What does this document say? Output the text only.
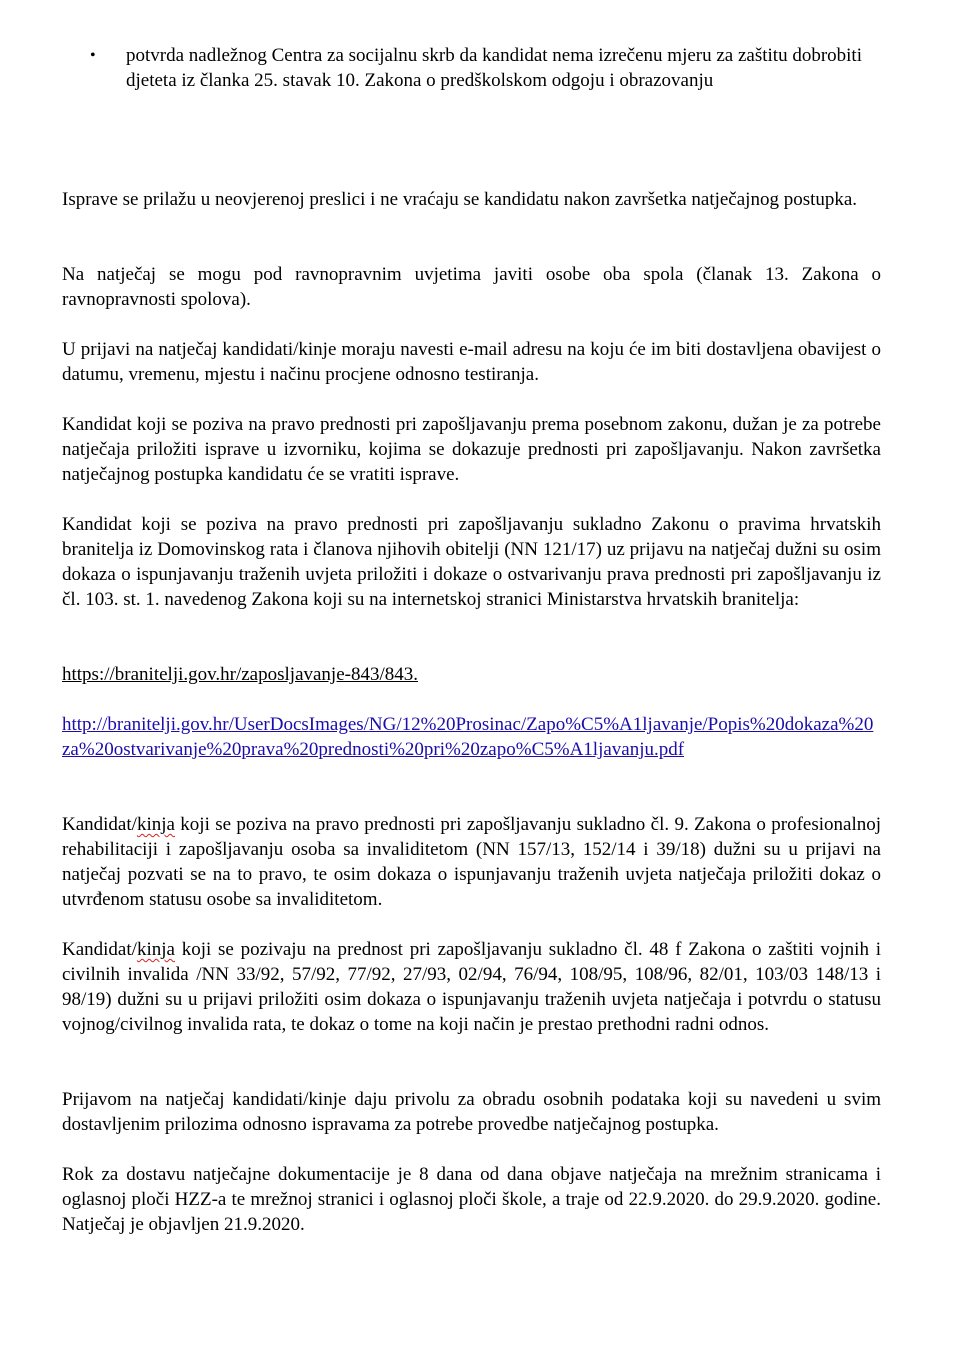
•	potvrda nadležnog Centra za socijalnu skrb da kandidat nema izrečenu mjeru za zaštitu dobrobiti djeteta iz članka 25. stavak 10. Zakona o predškolskom odgoju i obrazovanju

Isprave se prilažu u neovjerenoj preslici i ne vraćaju se kandidatu nakon završetka natječajnog postupka.

Na natječaj se mogu pod ravnopravnim uvjetima javiti osobe oba spola (članak 13. Zakona o ravnopravnosti spolova).

U prijavi na natječaj kandidati/kinje moraju navesti e-mail adresu na koju će im biti dostavljena obavijest o datumu, vremenu, mjestu i načinu procjene odnosno testiranja.

Kandidat koji se poziva na pravo prednosti pri zapošljavanju prema posebnom zakonu, dužan je za potrebe natječaja priložiti isprave u izvorniku, kojima se dokazuje prednosti pri zapošljavanju. Nakon završetka natječajnog postupka kandidatu će se vratiti isprave.

Kandidat koji se poziva na pravo prednosti pri zapošljavanju sukladno Zakonu o pravima hrvatskih branitelja iz Domovinskog rata i članova njihovih obitelji (NN 121/17) uz prijavu na natječaj dužni su osim dokaza o ispunjavanju traženih uvjeta priložiti i dokaze o ostvarivanju prava prednosti pri zapošljavanju iz čl. 103. st. 1. navedenog Zakona koji su na internetskoj stranici Ministarstva hrvatskih branitelja:

https://branitelji.gov.hr/zaposljavanje-843/843.

http://branitelji.gov.hr/UserDocsImages/NG/12%20Prosinac/Zapo%C5%A1ljavanje/Popis%20dokaza%20za%20ostvarivanje%20prava%20prednosti%20pri%20zapo%C5%A1ljavanju.pdf

Kandidat/kinja koji se poziva na pravo prednosti pri zapošljavanju sukladno čl. 9. Zakona o profesionalnoj rehabilitaciji i zapošljavanju osoba sa invaliditetom (NN 157/13, 152/14 i 39/18) dužni su u prijavi na natječaj pozvati se na to pravo, te osim dokaza o ispunjavanju traženih uvjeta natječaja priložiti dokaz o utvrđenom statusu osobe sa invaliditetom.

Kandidat/kinja koji se pozivaju na prednost pri zapošljavanju sukladno čl. 48 f Zakona o zaštiti vojnih i civilnih invalida /NN 33/92, 57/92, 77/92, 27/93, 02/94, 76/94, 108/95, 108/96, 82/01, 103/03 148/13 i 98/19) dužni su u prijavi priložiti osim dokaza o ispunjavanju traženih uvjeta natječaja i potvrdu o statusu vojnog/civilnog invalida rata, te dokaz o tome na koji način je prestao prethodni radni odnos.

Prijavom na natječaj kandidati/kinje daju privolu za obradu osobnih podataka koji su navedeni u svim dostavljenim prilozima odnosno ispravama za potrebe provedbe natječajnog postupka.

Rok za dostavu natječajne dokumentacije je 8 dana od dana objave natječaja na mrežnim stranicama i oglasnoj ploči HZZ-a te mrežnoj stranici i oglasnoj ploči škole, a traje od 22.9.2020. do 29.9.2020. godine. Natječaj je objavljen 21.9.2020.
